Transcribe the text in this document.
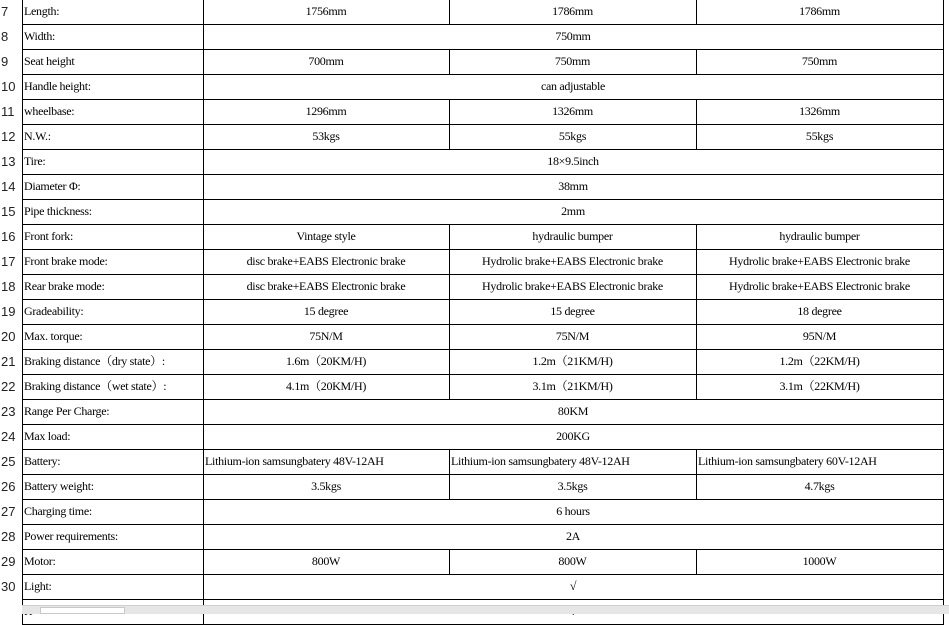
7	Length:	1756mm	1786mm	1786mm
8	Width:	750mm
9	Seat height	700mm	750mm	750mm
10 Handle height:	can adjustable
11 wheelbase:	1296mm	1326mm	1326mm
12 N.W.:	53kgs	55kgs	55kgs
13 Tire:	18×9.5inch
14 Diameter Φ:	38mm
15 Pipe thickness:	2mm
16 Front fork:	Vintage style	hydraulic bumper	hydraulic bumper
17 Front brake mode:	disc brake+EABS Electronic brake	Hydrolic brake+EABS Electronic brake	Hydrolic brake+EABS Electronic brake
18 Rear brake mode:	disc brake+EABS Electronic brake	Hydrolic brake+EABS Electronic brake	Hydrolic brake+EABS Electronic brake
19 Gradeability:	15 degree	15 degree	18 degree
20 Max. torque:	75N/M	75N/M	95N/M
21 Braking distance（dry state）:	1.6m（20KM/H)	1.2m（21KM/H)	1.2m（22KM/H)
22 Braking distance（wet state）:	4.1m（20KM/H)	3.1m（21KM/H)	3.1m（22KM/H)
23 Range Per Charge:	80KM
24 Max load:	200KG
25 Battery:	Lithium-ion samsungbatery 48V-12AH	Lithium-ion samsungbatery 48V-12AH	Lithium-ion samsungbatery 60V-12AH
26 Battery weight:	3.5kgs	3.5kgs	4.7kgs
27 Charging time:	6 hours
28 Power requirements:	2A
29 Motor:	800W	800W	1000W
30 Light:	√
